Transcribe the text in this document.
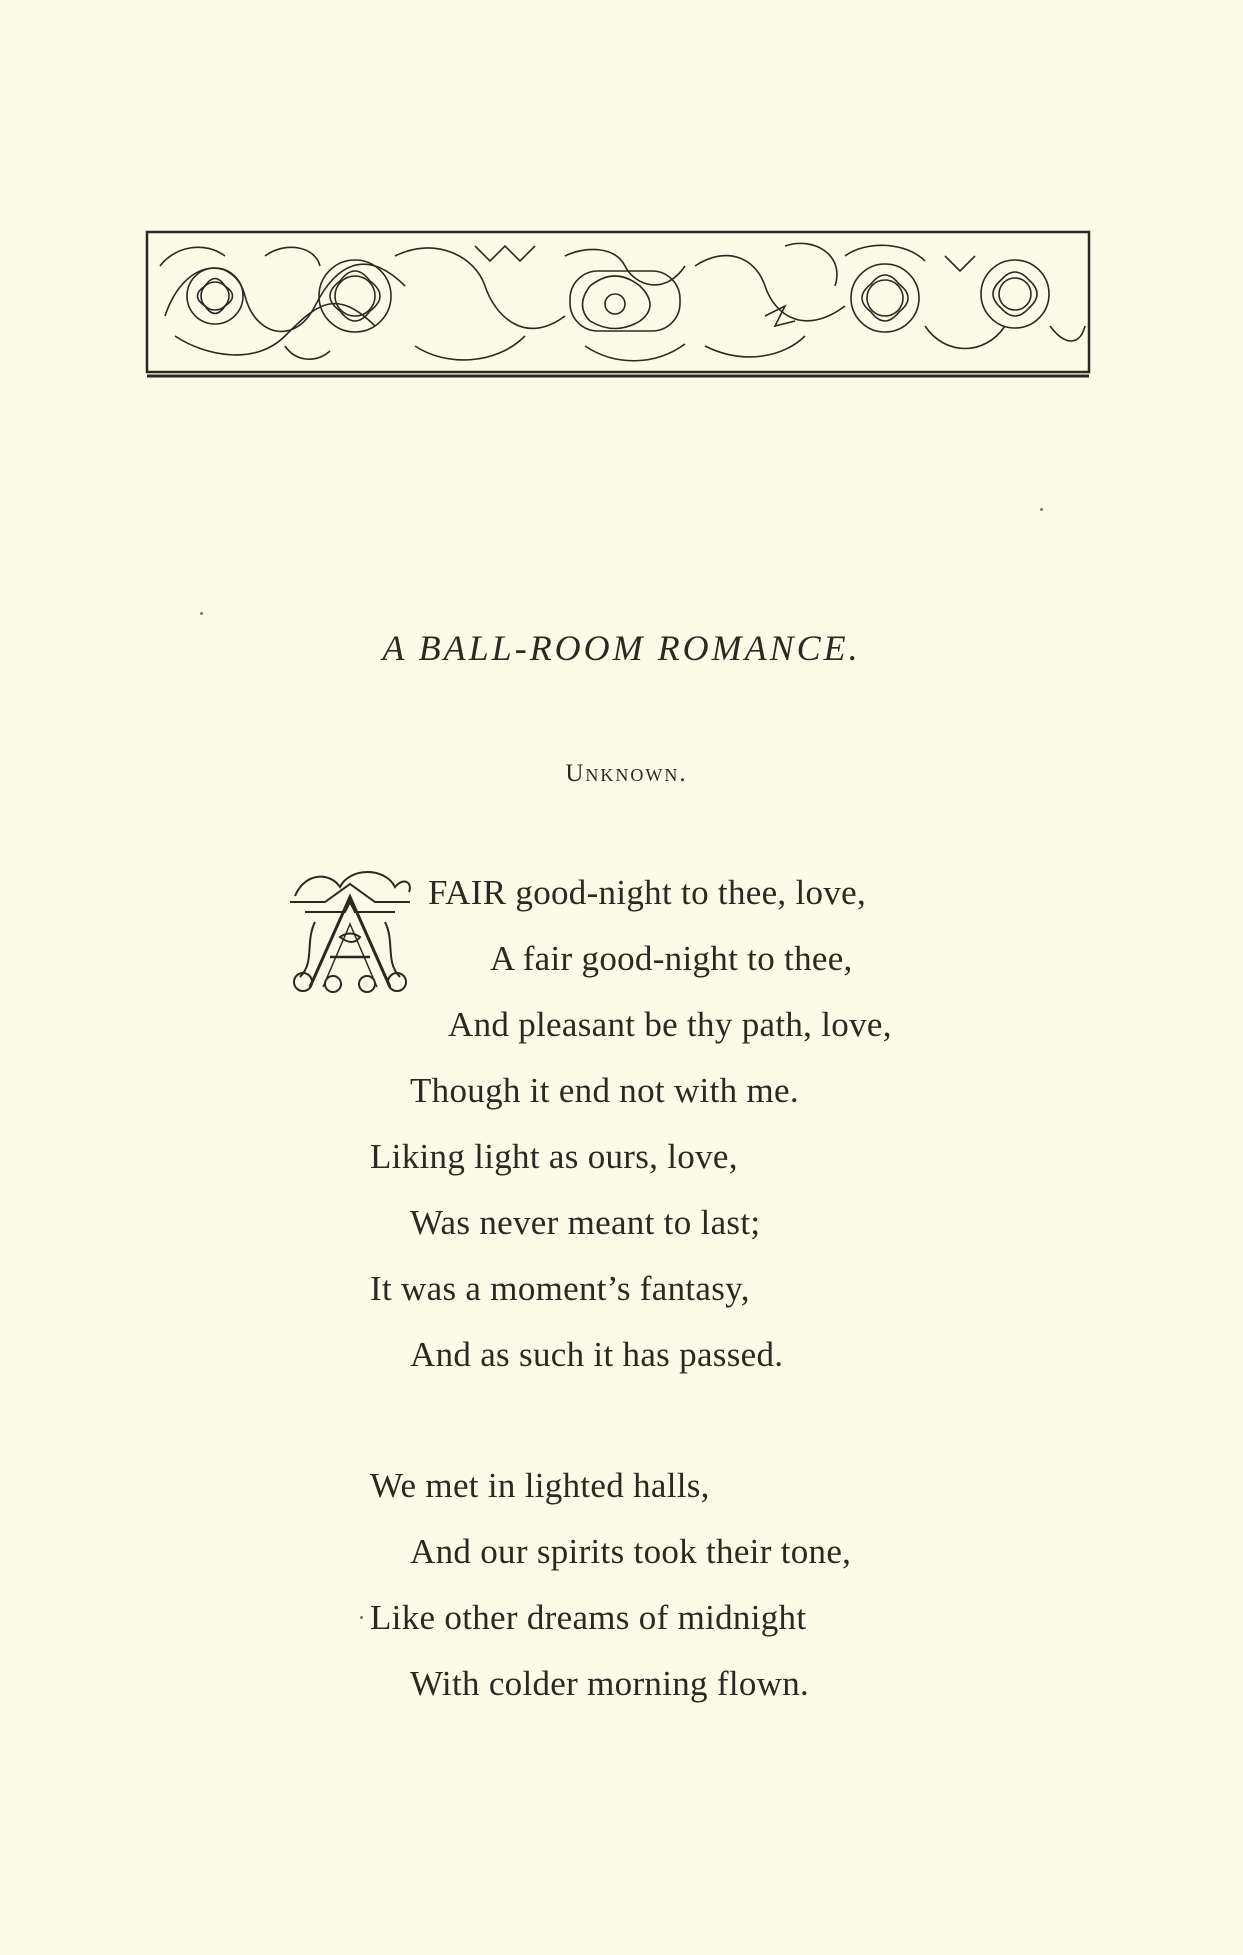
A BALL-ROOM ROMANCE.
Unknown.
FAIR good-night to thee, love,
A fair good-night to thee,
And pleasant be thy path, love,
Though it end not with me.
Liking light as ours, love,
Was never meant to last;
It was a moment’s fantasy,
And as such it has passed.
We met in lighted halls,
And our spirits took their tone,
Like other dreams of midnight
With colder morning flown.
